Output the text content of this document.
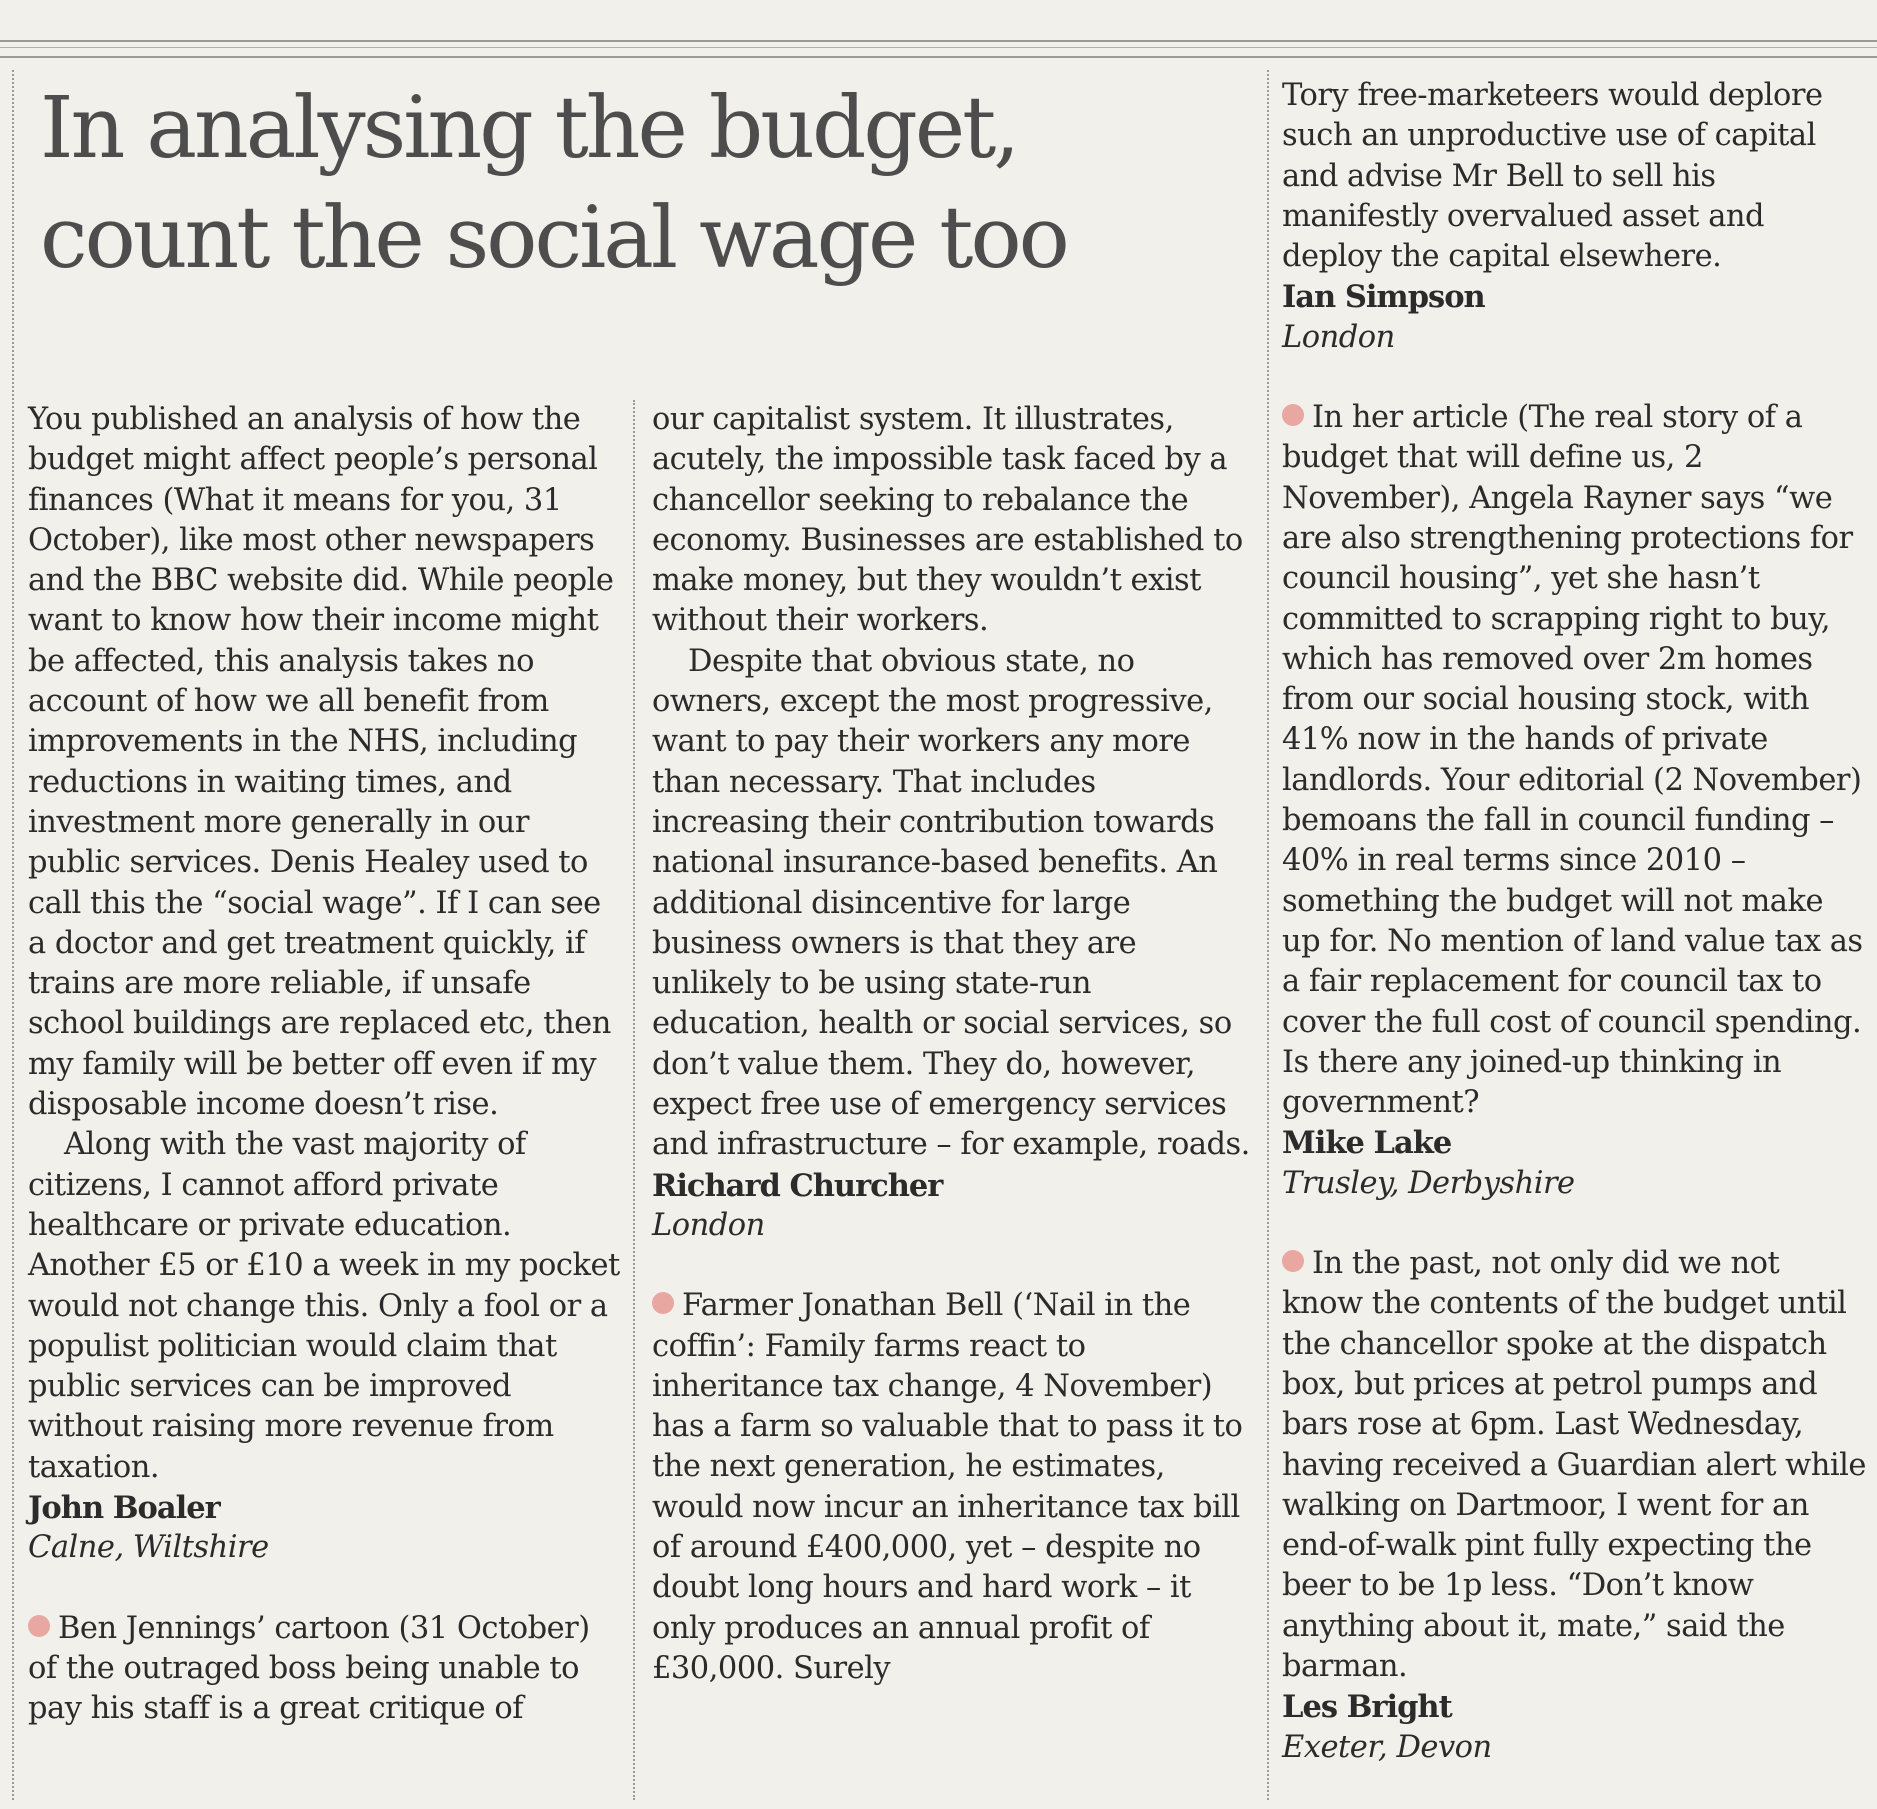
In analysing the budget,
count the social wage too

You published an analysis of how the budget might affect people’s personal finances (What it means for you, 31 October), like most other newspapers and the BBC website did. While people want to know how their income might be affected, this analysis takes no account of how we all benefit from improvements in the NHS, including reductions in waiting times, and investment more generally in our public services. Denis Healey used to call this the “social wage”. If I can see a doctor and get treatment quickly, if trains are more reliable, if unsafe school buildings are replaced etc, then my family will be better off even if my disposable income doesn’t rise.

Along with the vast majority of citizens, I cannot afford private healthcare or private education. Another £5 or £10 a week in my pocket would not change this. Only a fool or a populist politician would claim that public services can be improved without raising more revenue from taxation.

John Boaler

Calne, Wiltshire

Ben Jennings’ cartoon (31 October) of the outraged boss being unable to pay his staff is a great critique of

our capitalist system. It illustrates, acutely, the impossible task faced by a chancellor seeking to rebalance the economy. Businesses are established to make money, but they wouldn’t exist without their workers.

Despite that obvious state, no owners, except the most progressive, want to pay their workers any more than necessary. That includes increasing their contribution towards national insurance-based benefits. An additional disincentive for large business owners is that they are unlikely to be using state-run education, health or social services, so don’t value them. They do, however, expect free use of emergency services and infrastructure – for example, roads.

Richard Churcher

London

Farmer Jonathan Bell (‘Nail in the coffin’: Family farms react to inheritance tax change, 4 November) has a farm so valuable that to pass it to the next generation, he estimates, would now incur an inheritance tax bill of around £400,000, yet – despite no doubt long hours and hard work – it only produces an annual profit of £30,000. Surely

Tory free-marketeers would deplore such an unproductive use of capital and advise Mr Bell to sell his manifestly overvalued asset and deploy the capital elsewhere.

Ian Simpson

London

In her article (The real story of a budget that will define us, 2 November), Angela Rayner says “we are also strengthening protections for council housing”, yet she hasn’t committed to scrapping right to buy, which has removed over 2m homes from our social housing stock, with 41% now in the hands of private landlords. Your editorial (2 November) bemoans the fall in council funding – 40% in real terms since 2010 – something the budget will not make up for. No mention of land value tax as a fair replacement for council tax to cover the full cost of council spending. Is there any joined-up thinking in government?

Mike Lake

Trusley, Derbyshire

In the past, not only did we not know the contents of the budget until the chancellor spoke at the dispatch box, but prices at petrol pumps and bars rose at 6pm. Last Wednesday, having received a Guardian alert while walking on Dartmoor, I went for an end-of-walk pint fully expecting the beer to be 1p less. “Don’t know anything about it, mate,” said the barman.

Les Bright

Exeter, Devon
